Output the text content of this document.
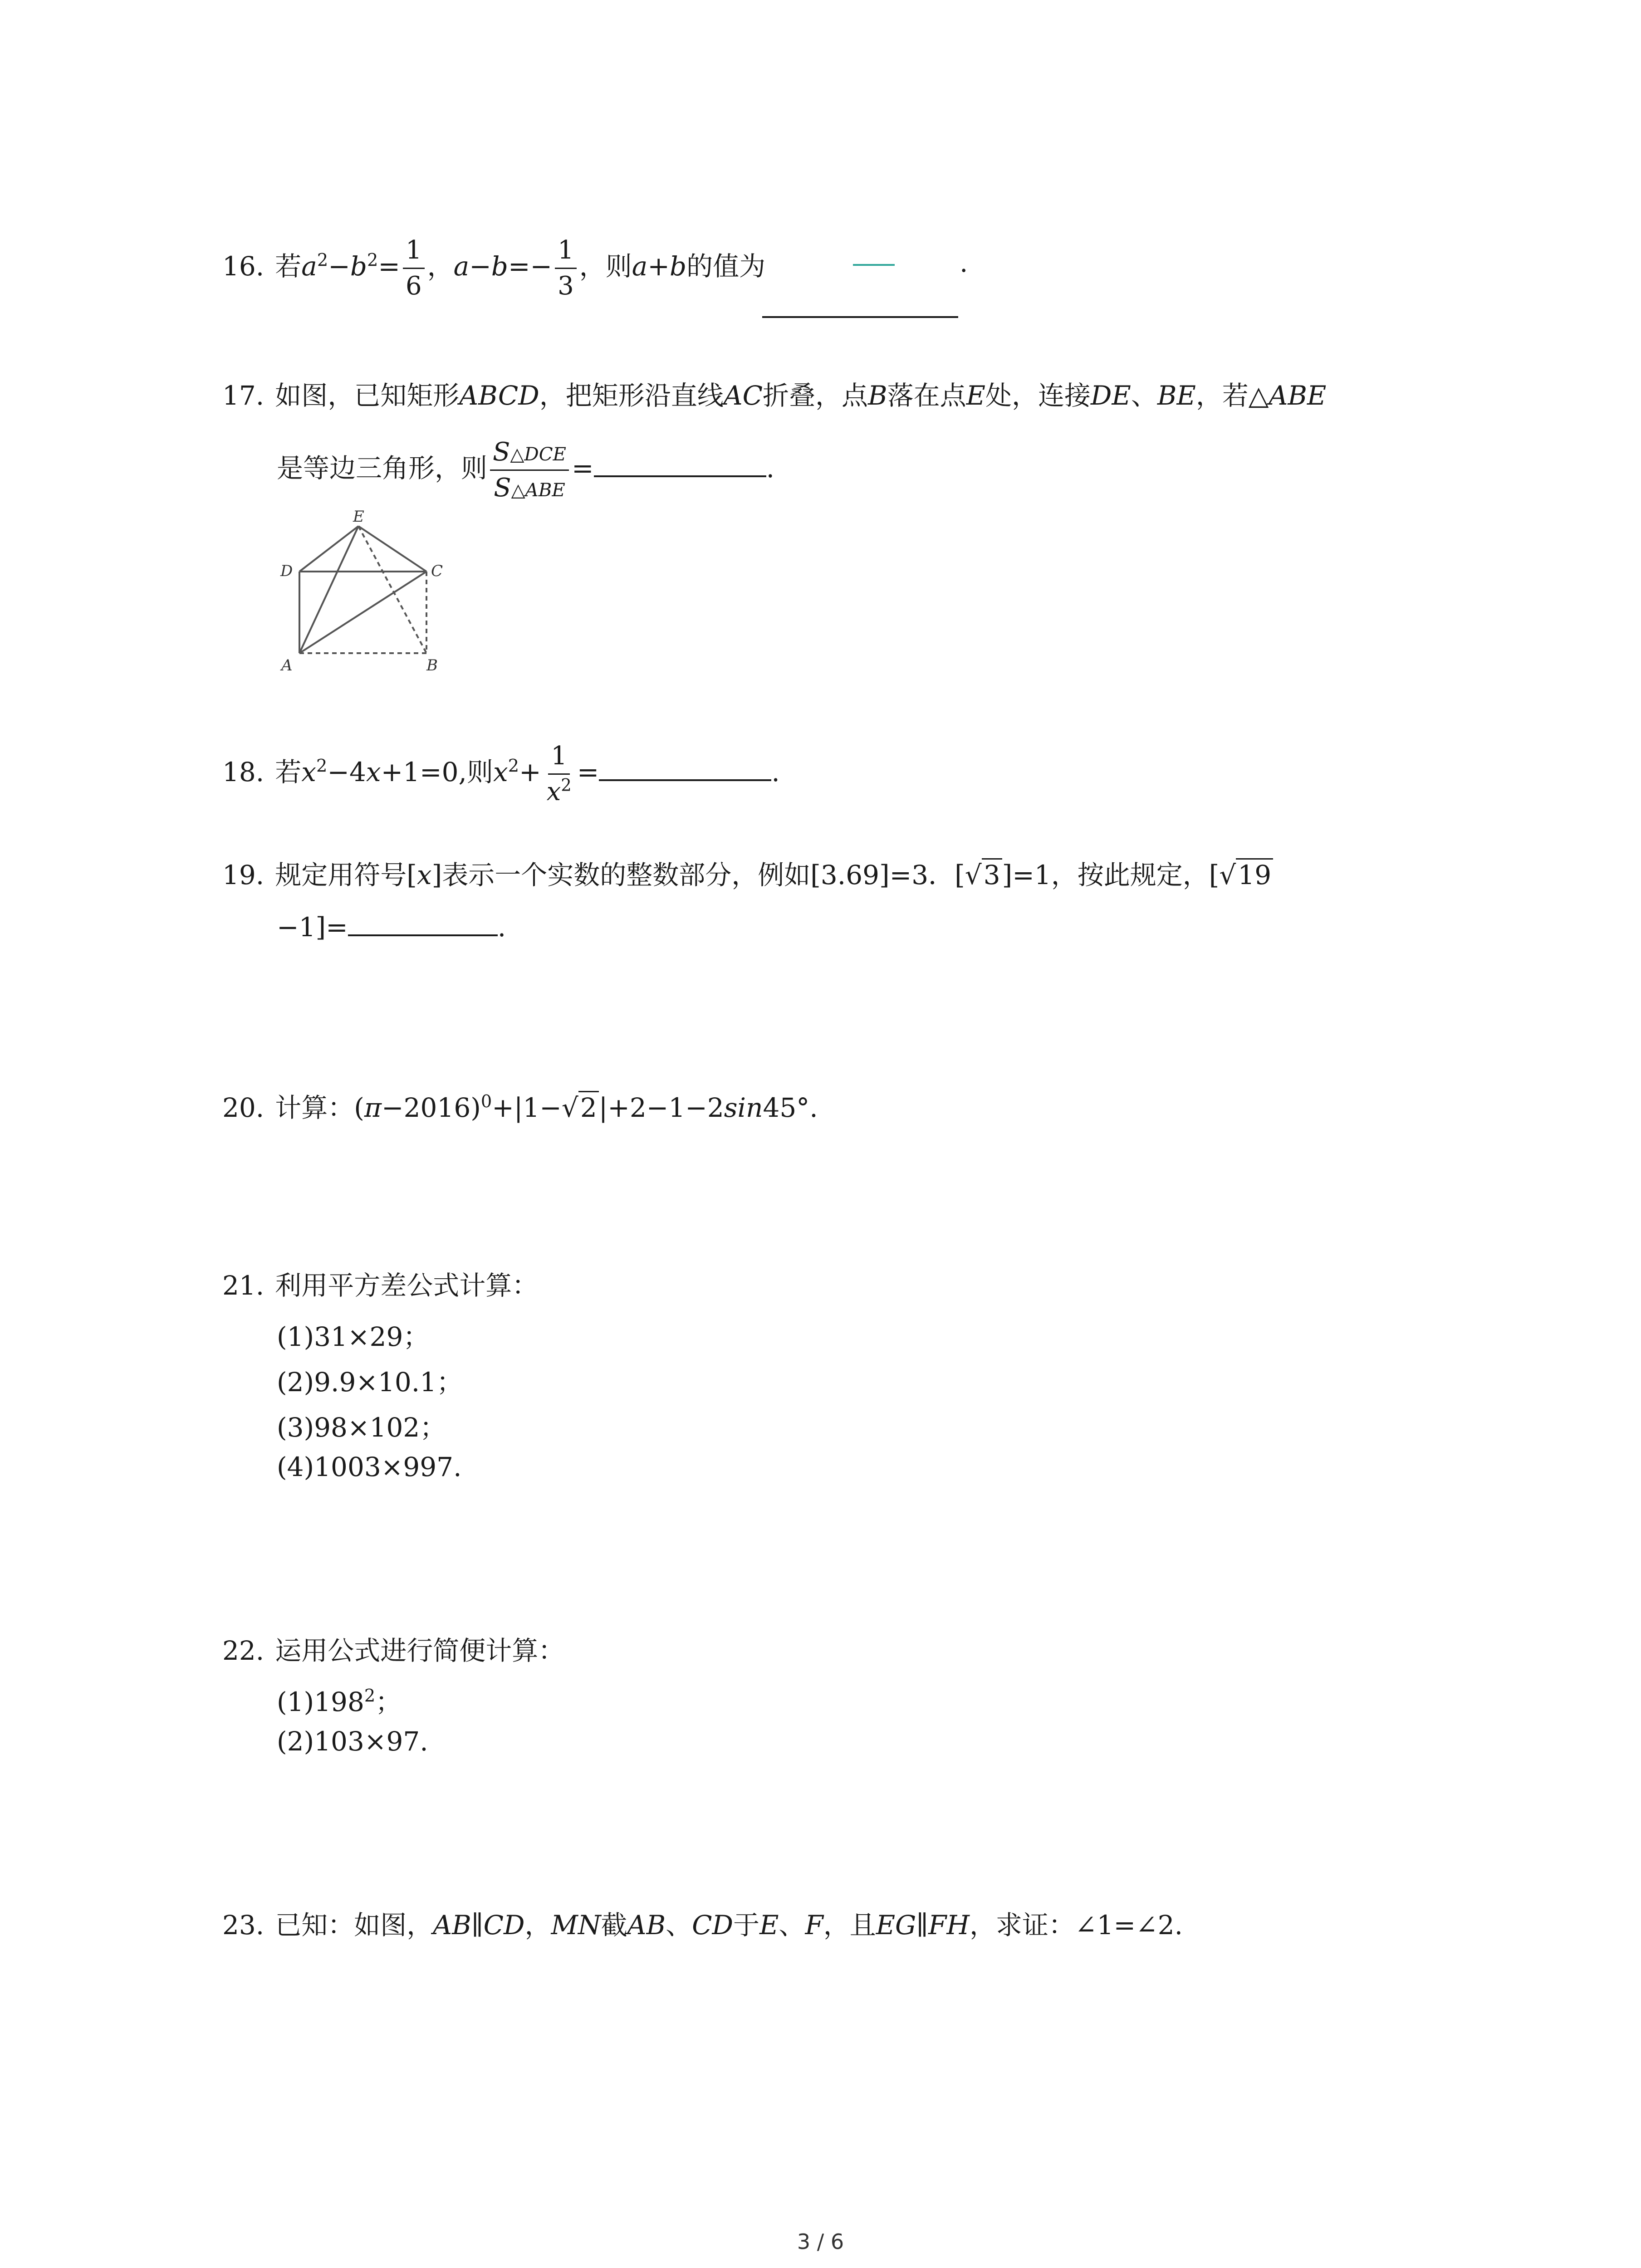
16. 若$a^2-b^2= \frac{1}{6}$ ，$a-b=- \frac{1}{3}$ ，则a+b的值为	.
17. 如图，已知矩形ABCD，把矩形沿直线AC折叠，点B落在点E处，连接DE、BE，若△ABE
是等边三角形，则 $\frac{\text{S△DCE}}{\text{S△ABE}}$ =	.
E
D	C
A	B
18. 若$x^2-4x+1=0$,则$x^2+ \frac{1}{x^2}$ =	.
19. 规定用符号[x]表示一个实数的整数部分，例如[3.69]=3．[√3]=1，按此规定，[√19
−1]=	.
20. 计算：$(\pi-2016)^0+|1-√2|+2-1-2\sin 45^\circ$.
21. 利用平方差公式计算：
(1)31×29；
(2)9.9×10.1；
(3)98×102；
(4)1003×997.
22. 运用公式进行简便计算：
$(1)198^2$；
(2)103×97.
23. 已知：如图，AB∥CD，MN截AB、CD于E、F，且EG∥FH，求证：∠1=∠2.
3 / 6
